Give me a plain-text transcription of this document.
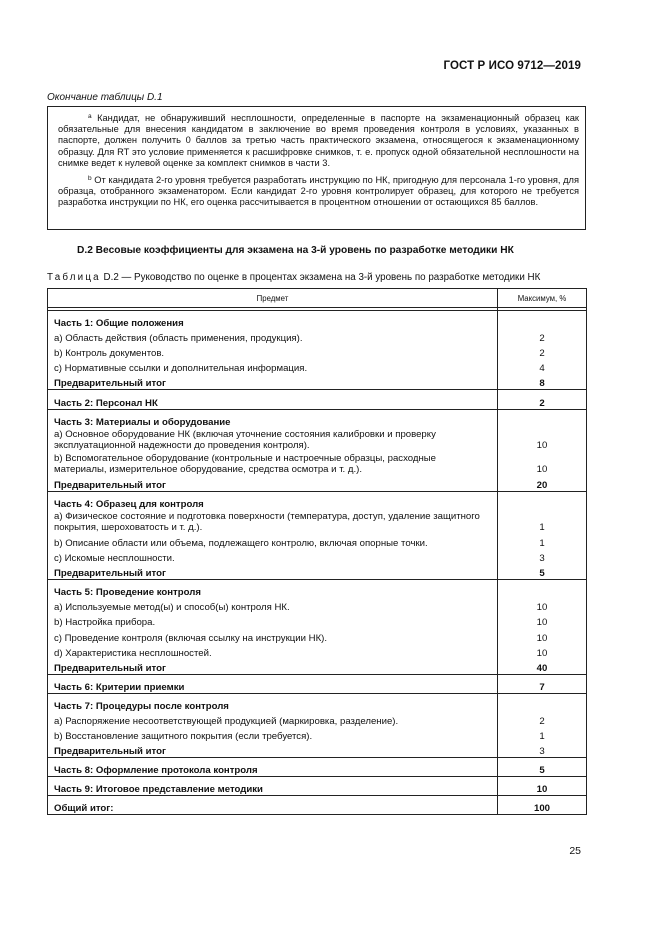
ГОСТ Р ИСО 9712—2019
Окончание таблицы D.1

$^a$ Кандидат, не обнаруживший несплошности, определенные в паспорте на экзаменационный образец как обязательные для внесения кандидатом в заключение во время проведения контроля в условиях, указанных в паспорте, должен получить 0 баллов за третью часть практического экзамена, относящегося к экзаменационному образцу. Для RT это условие применяется к расшифровке снимков, т. е. пропуск одной обязательной несплошности на снимке ведет к нулевой оценке за комплект снимков в части 3.

$^b$ От кандидата 2-го уровня требуется разработать инструкцию по НК, пригодную для персонала 1-го уровня, для образца, отобранного экзаменатором. Если кандидат 2-го уровня контролирует образец, для которого не требуется разработка инструкции по НК, его оценка рассчитывается в процентном отношении от остающихся 85 баллов.

D.2 Весовые коэффициенты для экзамена на 3-й уровень по разработке методики НК
Таблица D.2 — Руководство по оценке в процентах экзамена на 3-й уровень по разработке методики НК
Предмет	Максимум, %

Часть 1: Общие положения	
a) Область действия (область применения, продукция).	2
b) Контроль документов.	2
c) Нормативные ссылки и дополнительная информация.	4
Предварительный итог	8
Часть 2: Персонал НК	2
Часть 3: Материалы и оборудование	
a) Основное оборудование НК (включая уточнение состояния калибровки и проверку эксплуатационной надежности до проведения контроля).	10
b) Вспомогательное оборудование (контрольные и настроечные образцы, расходные материалы, измерительное оборудование, средства осмотра и т. д.).	10
Предварительный итог	20
Часть 4: Образец для контроля	
a) Физическое состояние и подготовка поверхности (температура, доступ, удаление защитного покрытия, шероховатость и т. д.).	1
b) Описание области или объема, подлежащего контролю, включая опорные точки.	1
c) Искомые несплошности.	3
Предварительный итог	5
Часть 5: Проведение контроля	
a) Используемые метод(ы) и способ(ы) контроля НК.	10
b) Настройка прибора.	10
c) Проведение контроля (включая ссылку на инструкции НК).	10
d) Характеристика несплошностей.	10
Предварительный итог	40
Часть 6: Критерии приемки	7
Часть 7: Процедуры после контроля	
a) Распоряжение несоответствующей продукцией (маркировка, разделение).	2
b) Восстановление защитного покрытия (если требуется).	1
Предварительный итог	3
Часть 8: Оформление протокола контроля	5
Часть 9: Итоговое представление методики	10
Общий итог:	100
25
